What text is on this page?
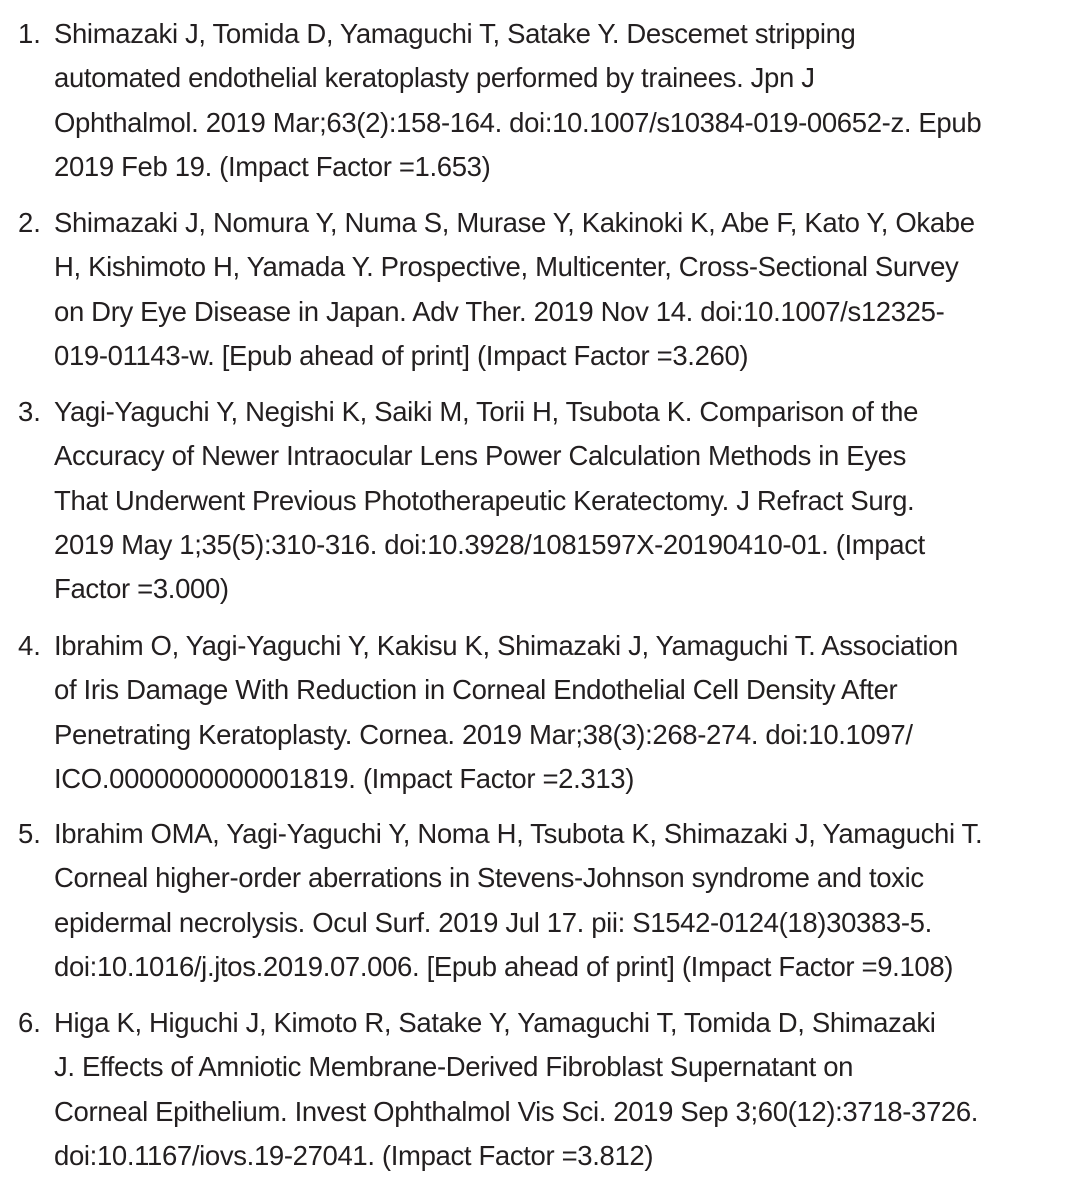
1. Shimazaki J, Tomida D, Yamaguchi T, Satake Y. Descemet stripping
automated endothelial keratoplasty performed by trainees. Jpn J
Ophthalmol. 2019 Mar;63(2):158-164. doi:10.1007/s10384-019-00652-z. Epub
2019 Feb 19. (Impact Factor =1.653)
2. Shimazaki J, Nomura Y, Numa S, Murase Y, Kakinoki K, Abe F, Kato Y, Okabe
H, Kishimoto H, Yamada Y. Prospective, Multicenter, Cross-Sectional Survey
on Dry Eye Disease in Japan. Adv Ther. 2019 Nov 14. doi:10.1007/s12325-
019-01143-w. [Epub ahead of print] (Impact Factor =3.260)
3. Yagi-Yaguchi Y, Negishi K, Saiki M, Torii H, Tsubota K. Comparison of the
Accuracy of Newer Intraocular Lens Power Calculation Methods in Eyes
That Underwent Previous Phototherapeutic Keratectomy. J Refract Surg.
2019 May 1;35(5):310-316. doi:10.3928/1081597X-20190410-01. (Impact
Factor =3.000)
4. Ibrahim O, Yagi-Yaguchi Y, Kakisu K, Shimazaki J, Yamaguchi T. Association
of Iris Damage With Reduction in Corneal Endothelial Cell Density After
Penetrating Keratoplasty. Cornea. 2019 Mar;38(3):268-274. doi:10.1097/
ICO.0000000000001819. (Impact Factor =2.313)
5. Ibrahim OMA, Yagi-Yaguchi Y, Noma H, Tsubota K, Shimazaki J, Yamaguchi T.
Corneal higher-order aberrations in Stevens-Johnson syndrome and toxic
epidermal necrolysis. Ocul Surf. 2019 Jul 17. pii: S1542-0124(18)30383-5.
doi:10.1016/j.jtos.2019.07.006. [Epub ahead of print] (Impact Factor =9.108)
6. Higa K, Higuchi J, Kimoto R, Satake Y, Yamaguchi T, Tomida D, Shimazaki
J. Effects of Amniotic Membrane-Derived Fibroblast Supernatant on
Corneal Epithelium. Invest Ophthalmol Vis Sci. 2019 Sep 3;60(12):3718-3726.
doi:10.1167/iovs.19-27041. (Impact Factor =3.812)
